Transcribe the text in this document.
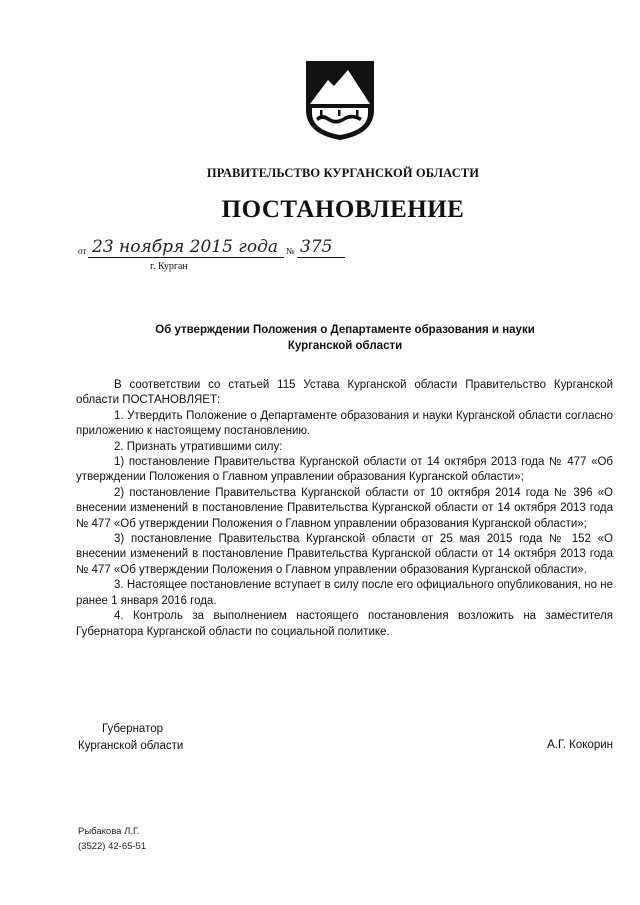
ПРАВИТЕЛЬСТВО КУРГАНСКОЙ ОБЛАСТИ
ПОСТАНОВЛЕНИЕ
от 23 ноября 2015 года № 375
г. Курган
Об утверждении Положения о Департаменте образования и науки
Курганской области

В соответствии со статьей 115 Устава Курганской области Правительство Курганской области ПОСТАНОВЛЯЕТ:

1. Утвердить Положение о Департаменте образования и науки Курганской области согласно приложению к настоящему постановлению.

2. Признать утратившими силу:

1) постановление Правительства Курганской области от 14 октября 2013 года № 477 «Об утверждении Положения о Главном управлении образования Курганской области»;

2) постановление Правительства Курганской области от 10 октября 2014 года № 396 «О внесении изменений в постановление Правительства Курганской области от 14 октября 2013 года № 477 «Об утверждении Положения о Главном управлении образования Курганской области»;

3) постановление Правительства Курганской области от 25 мая 2015 года № 152 «О внесении изменений в постановление Правительства Курганской области от 14 октября 2013 года № 477 «Об утверждении Положения о Главном управлении образования Курганской области».

3. Настоящее постановление вступает в силу после его официального опубликования, но не ранее 1 января 2016 года.

4. Контроль за выполнением настоящего постановления возложить на заместителя Губернатора Курганской области по социальной политике.

Губернатор
Курганской области	А.Г. Кокорин
Рыбакова Л.Г.
(3522) 42-65-51
